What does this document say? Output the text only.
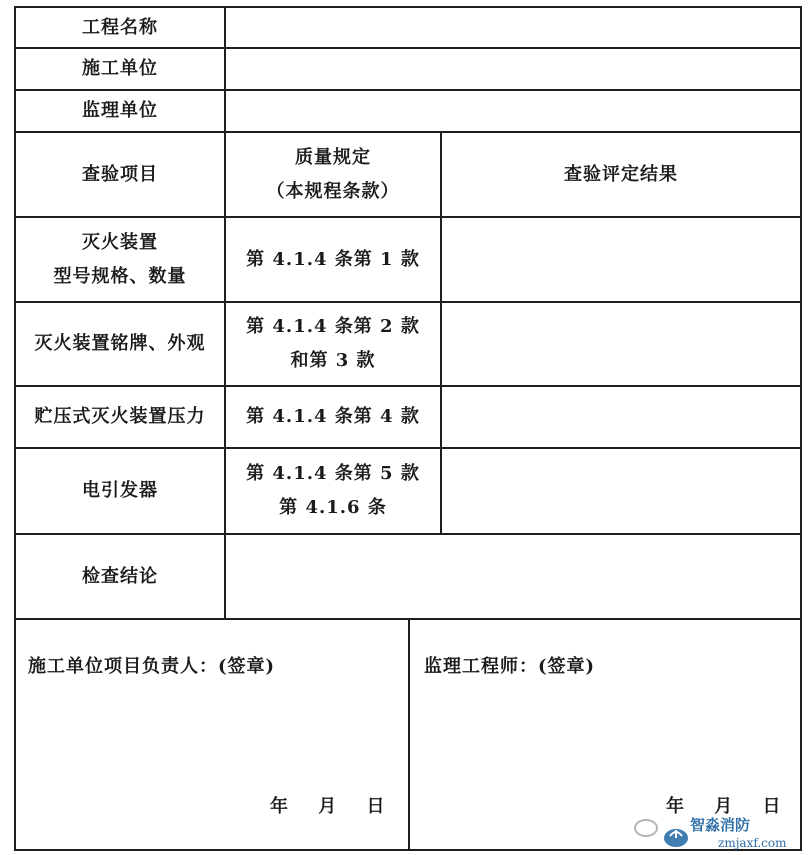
工程名称
施工单位
监理单位
查验项目
质量规定
（本规程条款）
查验评定结果
灭火装置
型号规格、数量
第 4.1.4 条第 1 款
灭火装置铭牌、外观
第 4.1.4 条第 2 款
和第 3 款
贮压式灭火装置压力 第 4.1.4 条第 4 款
电引发器
第 4.1.4 条第 5 款
第 4.1.6 条
检查结论
施工单位项目负责人：(签章)	监理工程师：(签章)
年 月 日	年 月 日
智淼消防
zmjaxf.com
